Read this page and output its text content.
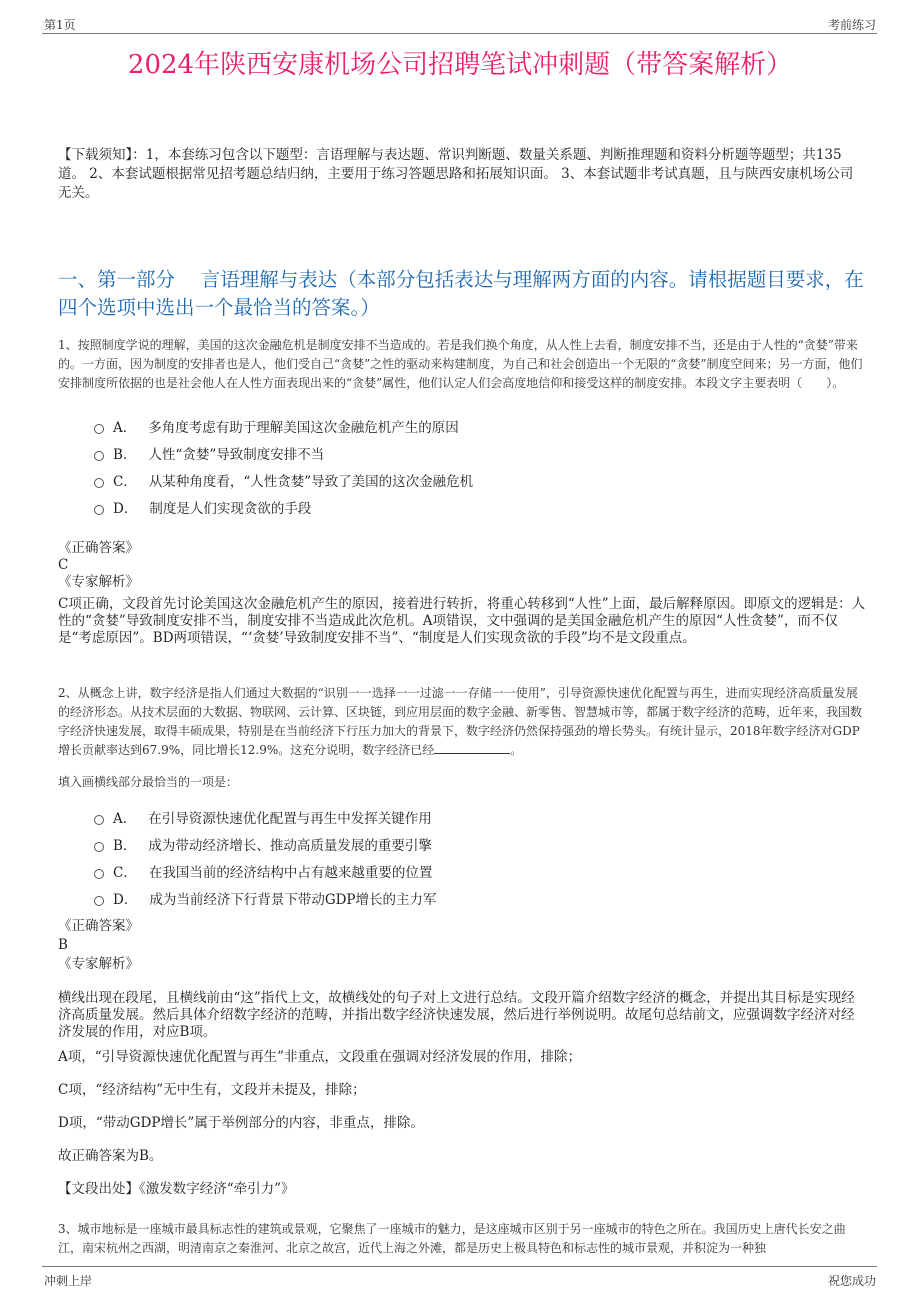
第1页	考前练习
2024年陕西安康机场公司招聘笔试冲刺题（带答案解析）
【下载须知】：1，本套练习包含以下题型：言语理解与表达题、常识判断题、数量关系题、判断推理题和资料分析题等题型；共135道。 2、本套试题根据常见招考题总结归纳，主要用于练习答题思路和拓展知识面。 3、本套试题非考试真题，且与陕西安康机场公司无关。
一、第一部分　 言语理解与表达（本部分包括表达与理解两方面的内容。请根据题目要求，在四个选项中选出一个最恰当的答案。）
1、按照制度学说的理解，美国的这次金融危机是制度安排不当造成的。若是我们换个角度，从人性上去看，制度安排不当，还是由于人性的“贪婪”带来的。一方面，因为制度的安排者也是人，他们受自己“贪婪”之性的驱动来构建制度，为自己和社会创造出一个无限的“贪婪”制度空间来；另一方面，他们安排制度所依据的也是社会他人在人性方面表现出来的“贪婪”属性，他们认定人们会高度地信仰和接受这样的制度安排。本段文字主要表明（　　）。
A． 多角度考虑有助于理解美国这次金融危机产生的原因
B． 人性“贪婪”导致制度安排不当
C． 从某种角度看，“人性贪婪”导致了美国的这次金融危机
D． 制度是人们实现贪欲的手段
《正确答案》
C
《专家解析》
C项正确，文段首先讨论美国这次金融危机产生的原因，接着进行转折，将重心转移到“人性”上面，最后解释原因。即原文的逻辑是：人性的“贪婪”导致制度安排不当，制度安排不当造成此次危机。A项错误，文中强调的是美国金融危机产生的原因“人性贪婪”，而不仅是“考虑原因”。BD两项错误，“‘贪婪’导致制度安排不当”、“制度是人们实现贪欲的手段”均不是文段重点。
2、从概念上讲，数字经济是指人们通过大数据的“识别一一选择一一过滤一一存储一一使用”，引导资源快速优化配置与再生，进而实现经济高质量发展的经济形态。从技术层面的大数据、物联网、云计算、区块链，到应用层面的数字金融、新零售、智慧城市等，都属于数字经济的范畴，近年来，我国数字经济快速发展，取得丰硕成果，特别是在当前经济下行压力加大的背景下，数字经济仍然保持强劲的增长势头。有统计显示，2018年数字经济对GDP增长贡献率达到67.9%，同比增长12.9%。这充分说明，数字经济已经	。
填入画横线部分最恰当的一项是：
A． 在引导资源快速优化配置与再生中发挥关键作用
B． 成为带动经济增长、推动高质量发展的重要引擎
C． 在我国当前的经济结构中占有越来越重要的位置
D． 成为当前经济下行背景下带动GDP增长的主力军
《正确答案》
B
《专家解析》

横线出现在段尾，且横线前由“这”指代上文，故横线处的句子对上文进行总结。文段开篇介绍数字经济的概念，并提出其目标是实现经济高质量发展。然后具体介绍数字经济的范畴，并指出数字经济快速发展，然后进行举例说明。故尾句总结前文，应强调数字经济对经济发展的作用，对应B项。

A项，“引导资源快速优化配置与再生”非重点，文段重在强调对经济发展的作用，排除；

C项，“经济结构”无中生有，文段并未提及，排除；

D项，“带动GDP增长”属于举例部分的内容，非重点，排除。

故正确答案为B。

【文段出处】《激发数字经济“牵引力”》

3、城市地标是一座城市最具标志性的建筑或景观，它聚焦了一座城市的魅力，是这座城市区别于另一座城市的特色之所在。我国历史上唐代长安之曲江，南宋杭州之西湖，明清南京之秦淮河、北京之故宫，近代上海之外滩，都是历史上极具特色和标志性的城市景观，并积淀为一种独
冲刺上岸	祝您成功
